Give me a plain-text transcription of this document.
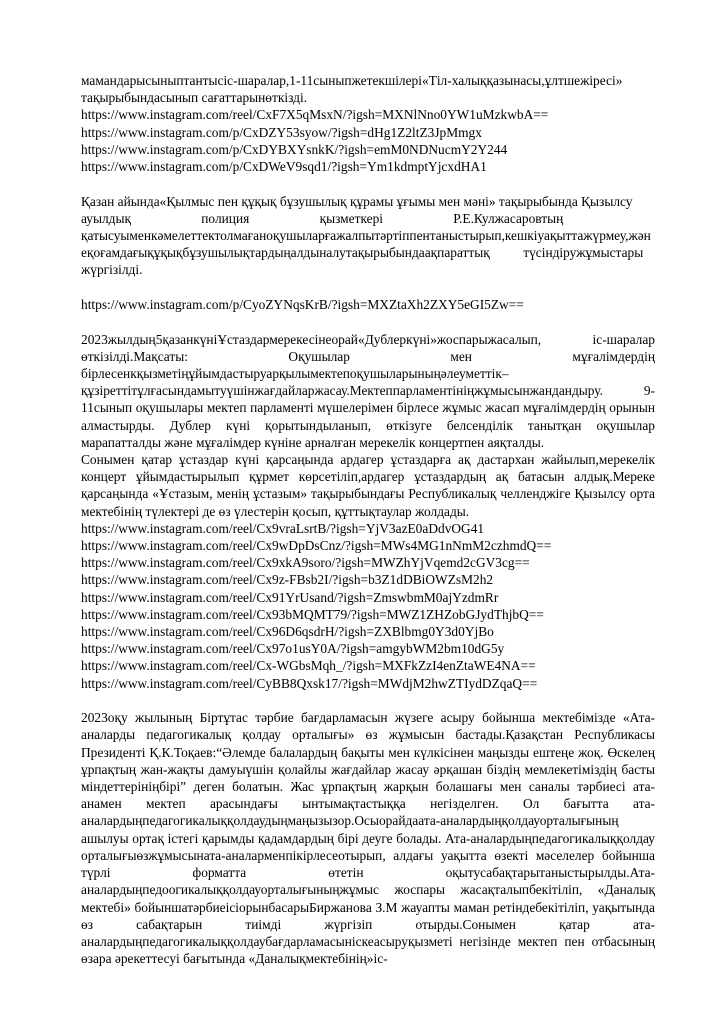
мамандарысыныптантысіс-шаралар,1-11сыныпжетекшілері«Тіл-халыққазынасы,ұлтшежіресі»
тақырыбындасынып сағаттарынөткізді.
https://www.instagram.com/reel/CxF7X5qMsxN/?igsh=MXNlNno0YW1uMzkwbA==
https://www.instagram.com/p/CxDZY53syow/?igsh=dHg1Z2ltZ3JpMmgx
https://www.instagram.com/p/CxDYBXYsnkK/?igsh=emM0NDNucmY2Y244
https://www.instagram.com/p/CxDWeV9sqd1/?igsh=Ym1kdmptYjcxdHA1
Қазан айында«Қылмыс пен құқық бұзушылық құрамы ұғымы мен мәні» тақырыбында Қызылсу
ауылдық                     полиция                     қызметкері                     Р.Е.Кулжасаровтың
қатысуыменкәмелеттектолмағаноқушыларғажалпытәртіппентаныстырып,кешкіуақыттажүрмеу,жән
еқоғамдағықұқықбұзушылықтардыңалдыналутақырыбындаақпараттық          түсіндіружұмыстары
жүргізілді.
https://www.instagram.com/p/CyoZYNqsKrB/?igsh=MXZtaXh2ZXY5eGI5Zw==

2023жылдың5қазанкүніҰстаздармерекесінеорай«Дублеркүні»жоспарыжасалып, іс-шаралар өткізілді.Мақсаты: Оқушылар мен мұғалімдердің бірлесенкқызметіңұйымдастыруарқылымектепоқушыларыныңәлеуметтік–құзіреттітұлғасындамытуүшінжағдайларжасау.Мектеппарламентініңжұмысынжандандыру. 9-11сынып оқушылары мектеп парламенті мүшелерімен бірлесе жұмыс жасап мұғалімдердің орынын алмастырды. Дублер күні қорытындыланып, өткізуге белсенділік танытқан оқушылар марапатталды және мұғалімдер күніне арналған мерекелік концертпен аяқталды.

Сонымен қатар ұстаздар күні қарсаңында ардагер ұстаздарға ақ дастархан жайылып,мерекелік концерт ұйымдастырылып құрмет көрсетіліп,ардагер ұстаздардың ақ батасын алдық.Мереке қарсаңында «Ұстазым, менің ұстазым» тақырыбындағы Республикалық челленджіге Қызылсу орта мектебінің түлектері де өз үлестерін қосып, құттықтаулар жолдады.

https://www.instagram.com/reel/Cx9vraLsrtB/?igsh=YjV3azE0aDdvOG41
https://www.instagram.com/reel/Cx9wDpDsCnz/?igsh=MWs4MG1nNmM2czhmdQ==
https://www.instagram.com/reel/Cx9xkA9soro/?igsh=MWZhYjVqemd2cGV3cg==
https://www.instagram.com/reel/Cx9z-FBsb2I/?igsh=b3Z1dDBiOWZsM2h2
https://www.instagram.com/reel/Cx91YrUsand/?igsh=ZmswbmM0ajYzdmRr
https://www.instagram.com/reel/Cx93bMQMT79/?igsh=MWZ1ZHZobGJydThjbQ==
https://www.instagram.com/reel/Cx96D6qsdrH/?igsh=ZXBlbmg0Y3d0YjBo
https://www.instagram.com/reel/Cx97o1usY0A/?igsh=amgybWM2bm10dG5y
https://www.instagram.com/reel/Cx-WGbsMqh_/?igsh=MXFkZzI4enZtaWE4NA==
https://www.instagram.com/reel/CyBB8Qxsk17/?igsh=MWdjM2hwZTIydDZqaQ==

2023оқу жылының Біртұтас тәрбие бағдарламасын жүзеге асыру бойынша мектебімізде «Ата-аналарды педагогикалық қолдау орталығы» өз жұмысын бастады.Қазақстан Республикасы Президенті Қ.К.Тоқаев:“Әлемде балалардың бақыты мен күлкісінен маңызды ештеңе жоқ. Өскелең ұрпақтың жан-жақты дамуыүшін қолайлы жағдайлар жасау әрқашан біздің мемлекетіміздің басты міндеттерініңбірі” деген болатын. Жас ұрпақтың жарқын болашағы мен саналы тәрбиесі ата-анамен мектеп арасындағы ынтымақтастыққа негізделген. Ол бағытта ата-аналардыңпедагогикалыққолдаудыңмаңызызор.Осыорайдаата-аналардыңқолдауорталығының

ашылуы ортақ істегі қарымды қадамдардың бірі деуге болады. Ата-аналардыңпедагогикалыққолдау орталығыөзжұмысынатa-аналарменпікірлесеотырып, алдағы уақытта өзекті мәселелер бойынша түрлі форматта өтетін оқытусабақтарытаныстырылды.Ата-аналардыңпедоогикалыққолдауорталығыныңжұмыс жоспары жасақталыпбекітіліп, «Даналық мектебі» бойыншатәрбиеісіорынбасарыБиржанова З.М жауапты маман ретіндебекітіліп, уақытында өз сабақтарын тиімді жүргізіп отырды.Сонымен қатар ата-аналардыңпедагогикалыққолдаубағдарламасыніскеасыруқызметі негізінде мектеп пен отбасының өзара әрекеттесуі бағытында «Даналықмектебінің»іс-
